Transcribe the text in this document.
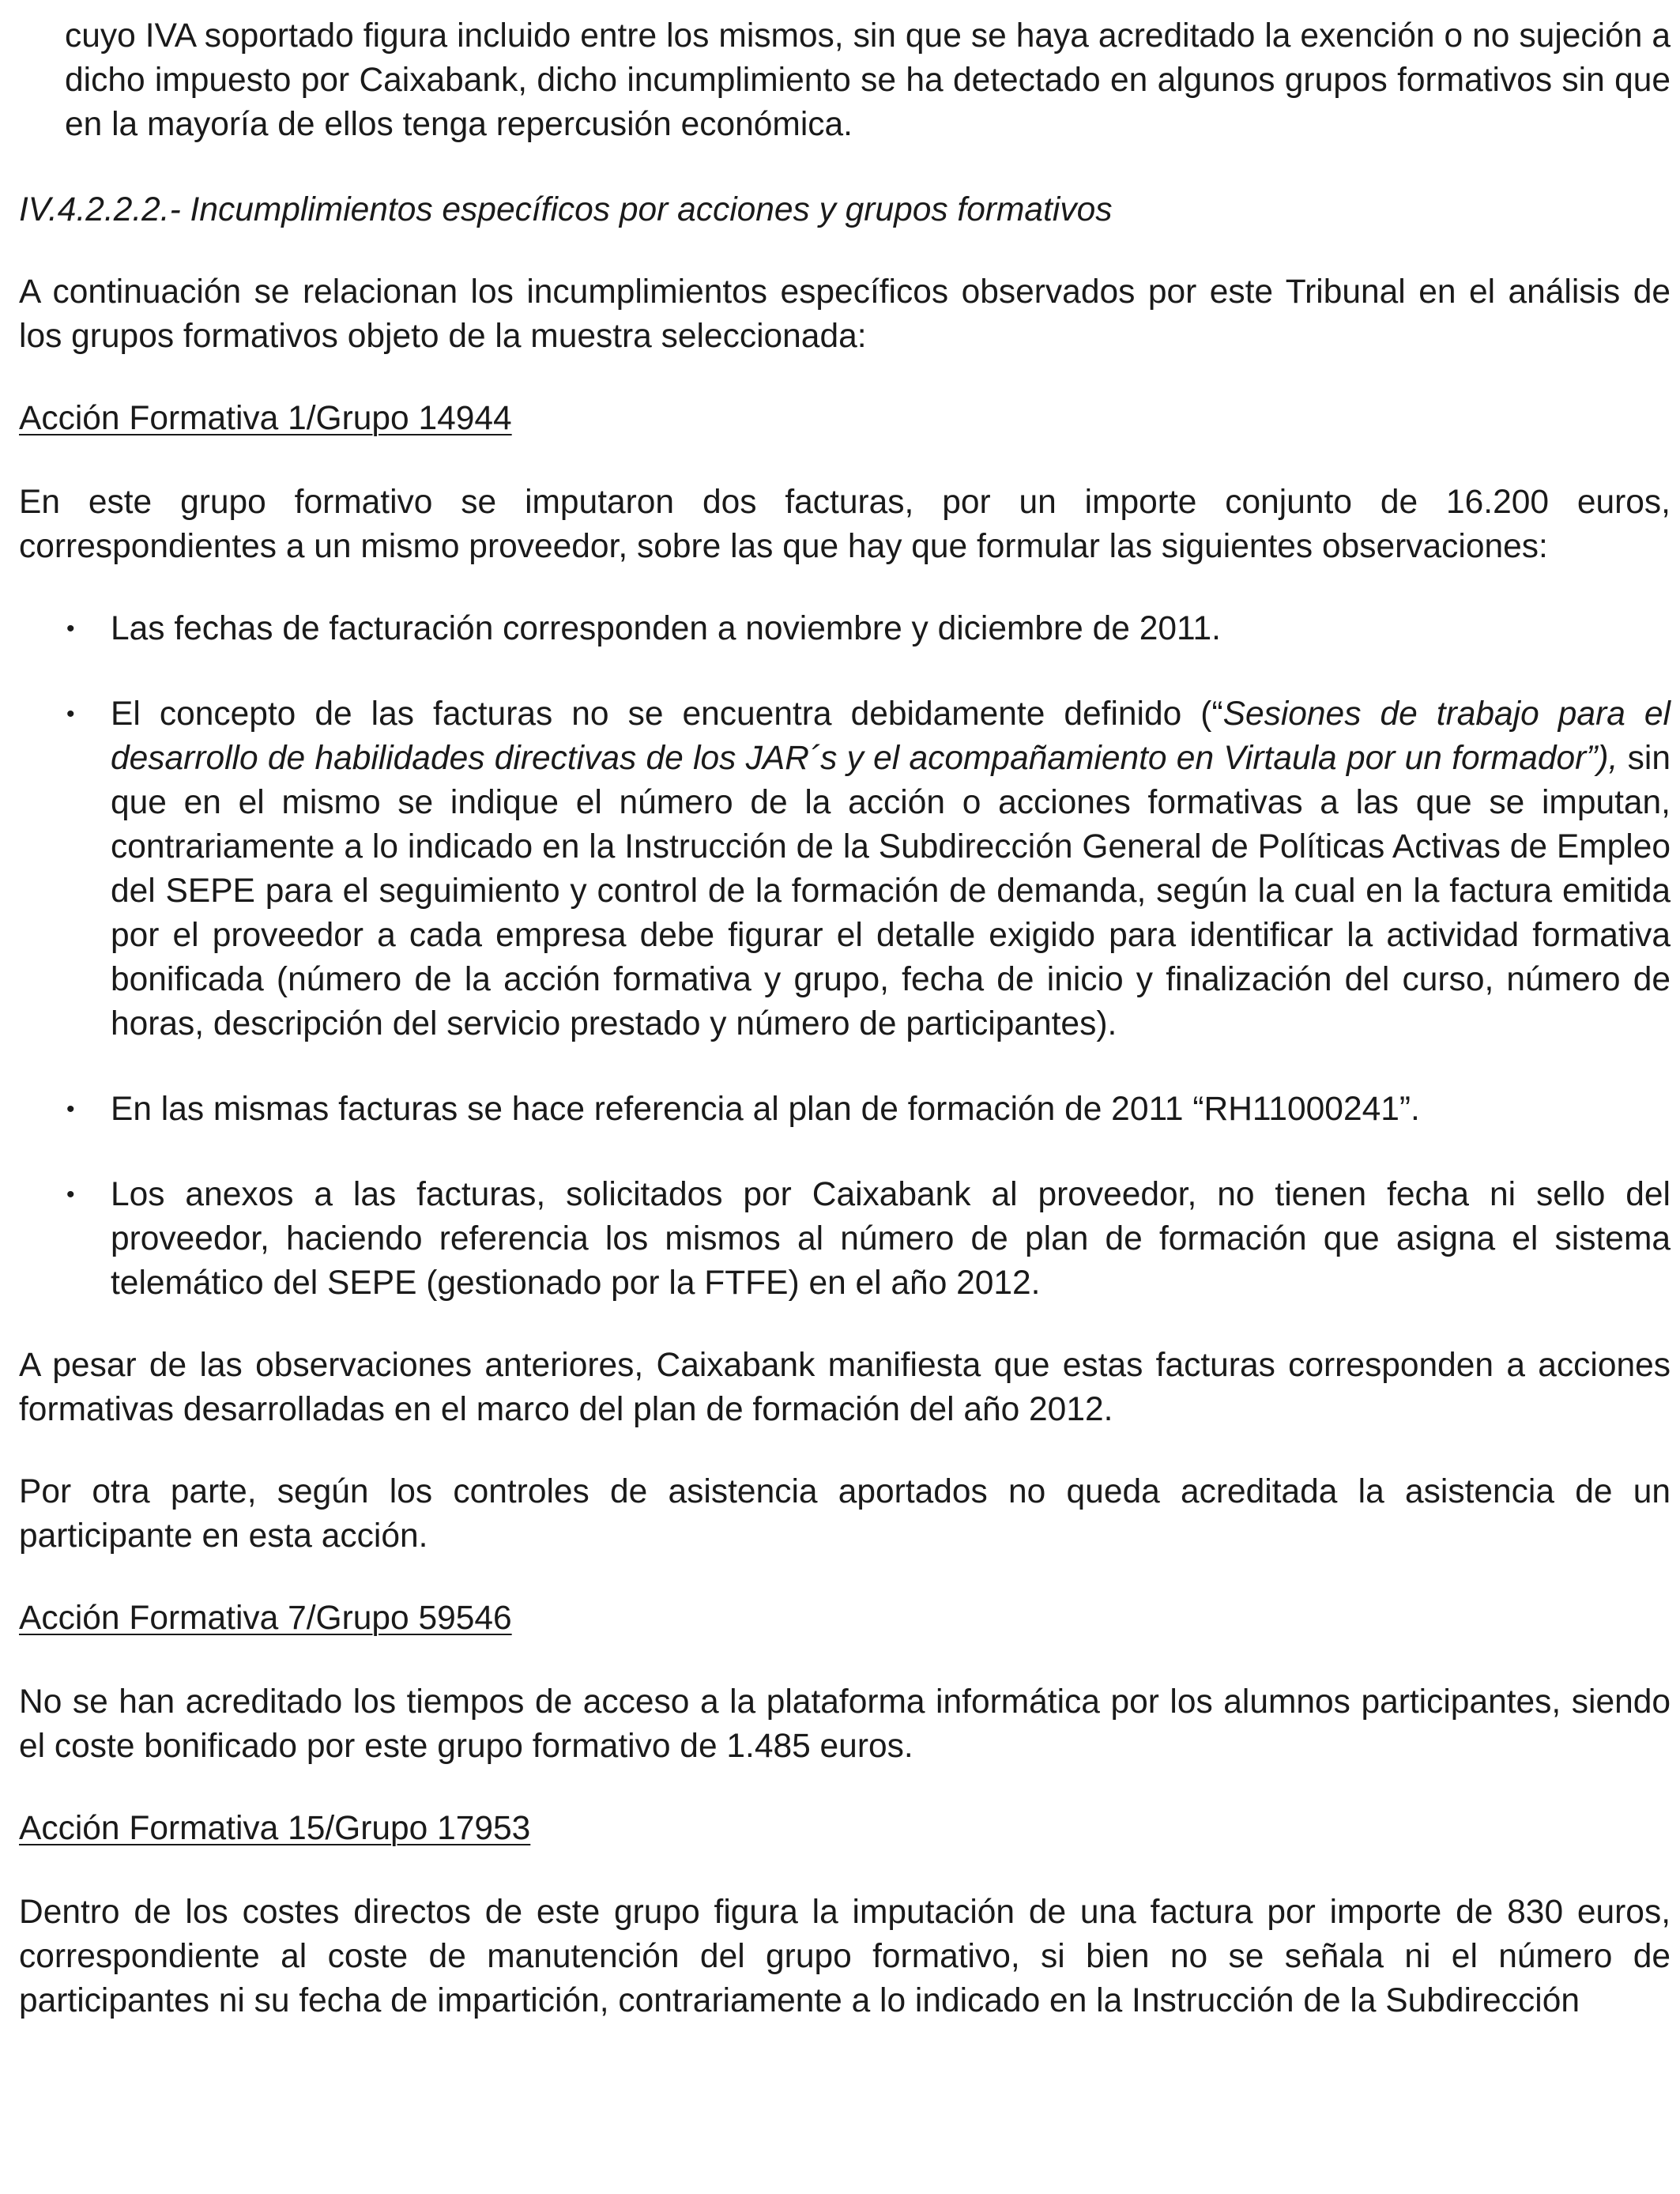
cuyo IVA soportado figura incluido entre los mismos, sin que se haya acreditado la exención o no sujeción a dicho impuesto por Caixabank, dicho incumplimiento se ha detectado en algunos grupos formativos sin que en la mayoría de ellos tenga repercusión económica.

IV.4.2.2.2.- Incumplimientos específicos por acciones y grupos formativos

A continuación se relacionan los incumplimientos específicos observados por este Tribunal en el análisis de los grupos formativos objeto de la muestra seleccionada:

Acción Formativa 1/Grupo 14944

En este grupo formativo se imputaron dos facturas, por un importe conjunto de 16.200 euros, correspondientes a un mismo proveedor, sobre las que hay que formular las siguientes observaciones:

• Las fechas de facturación corresponden a noviembre y diciembre de 2011.
• El concepto de las facturas no se encuentra debidamente definido (“Sesiones de trabajo para el desarrollo de habilidades directivas de los JAR´s y el acompañamiento en Virtaula por un formador”), sin que en el mismo se indique el número de la acción o acciones formativas a las que se imputan, contrariamente a lo indicado en la Instrucción de la Subdirección General de Políticas Activas de Empleo del SEPE para el seguimiento y control de la formación de demanda, según la cual en la factura emitida por el proveedor a cada empresa debe figurar el detalle exigido para identificar la actividad formativa bonificada (número de la acción formativa y grupo, fecha de inicio y finalización del curso, número de horas, descripción del servicio prestado y número de participantes).
• En las mismas facturas se hace referencia al plan de formación de 2011 “RH11000241”.
• Los anexos a las facturas, solicitados por Caixabank al proveedor, no tienen fecha ni sello del proveedor, haciendo referencia los mismos al número de plan de formación que asigna el sistema telemático del SEPE (gestionado por la FTFE) en el año 2012.

A pesar de las observaciones anteriores, Caixabank manifiesta que estas facturas corresponden a acciones formativas desarrolladas en el marco del plan de formación del año 2012.

Por otra parte, según los controles de asistencia aportados no queda acreditada la asistencia de un participante en esta acción.

Acción Formativa 7/Grupo 59546

No se han acreditado los tiempos de acceso a la plataforma informática por los alumnos participantes, siendo el coste bonificado por este grupo formativo de 1.485 euros.

Acción Formativa 15/Grupo 17953

Dentro de los costes directos de este grupo figura la imputación de una factura por importe de 830 euros, correspondiente al coste de manutención del grupo formativo, si bien no se señala ni el número de participantes ni su fecha de impartición, contrariamente a lo indicado en la Instrucción de la Subdirección
